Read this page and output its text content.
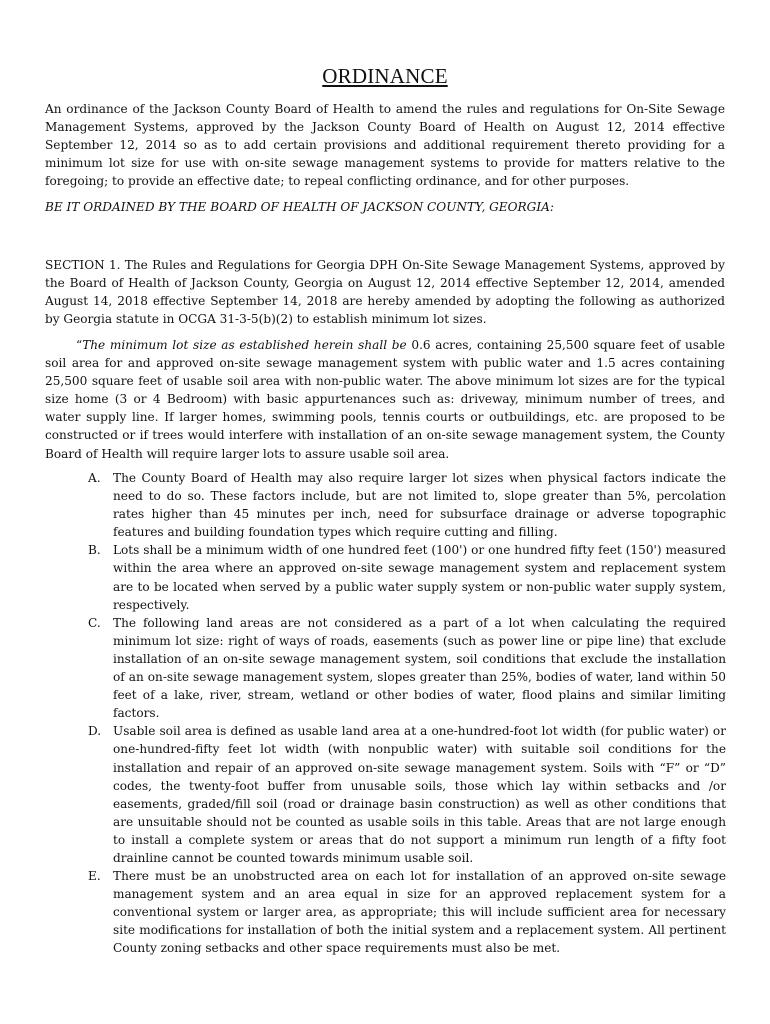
ORDINANCE

An ordinance of the Jackson County Board of Health to amend the rules and regulations for On-Site Sewage Management Systems, approved by the Jackson County Board of Health on August 12, 2014 effective September 12, 2014 so as to add certain provisions and additional requirement thereto providing for a minimum lot size for use with on-site sewage management systems to provide for matters relative to the foregoing; to provide an effective date; to repeal conflicting ordinance, and for other purposes.

BE IT ORDAINED BY THE BOARD OF HEALTH OF JACKSON COUNTY, GEORGIA:

SECTION 1. The Rules and Regulations for Georgia DPH On-Site Sewage Management Systems, approved by the Board of Health of Jackson County, Georgia on August 12, 2014 effective September 12, 2014, amended August 14, 2018 effective September 14, 2018 are hereby amended by adopting the following as authorized by Georgia statute in OCGA 31-3-5(b)(2) to establish minimum lot sizes.

“The minimum lot size as established herein shall be 0.6 acres, containing 25,500 square feet of usable soil area for and approved on-site sewage management system with public water and 1.5 acres containing 25,500 square feet of usable soil area with non-public water. The above minimum lot sizes are for the typical size home (3 or 4 Bedroom) with basic appurtenances such as: driveway, minimum number of trees, and water supply line. If larger homes, swimming pools, tennis courts or outbuildings, etc. are proposed to be constructed or if trees would interfere with installation of an on-site sewage management system, the County Board of Health will require larger lots to assure usable soil area.

A.	The County Board of Health may also require larger lot sizes when physical factors indicate the need to do so. These factors include, but are not limited to, slope greater than 5%, percolation rates higher than 45 minutes per inch, need for subsurface drainage or adverse topographic features and building foundation types which require cutting and filling.
B.	Lots shall be a minimum width of one hundred feet (100') or one hundred fifty feet (150') measured within the area where an approved on-site sewage management system and replacement system are to be located when served by a public water supply system or non-public water supply system, respectively.
C.	The following land areas are not considered as a part of a lot when calculating the required minimum lot size: right of ways of roads, easements (such as power line or pipe line) that exclude installation of an on-site sewage management system, soil conditions that exclude the installation of an on-site sewage management system, slopes greater than 25%, bodies of water, land within 50 feet of a lake, river, stream, wetland or other bodies of water, flood plains and similar limiting factors.
D. Usable soil area is defined as usable land area at a one-hundred-foot lot width (for public water) or one-hundred-fifty feet lot width (with nonpublic water) with suitable soil conditions for the installation and repair of an approved on-site sewage management system. Soils with “F” or “D” codes, the twenty-foot buffer from unusable soils, those which lay within setbacks and /or easements, graded/fill soil (road or drainage basin construction) as well as other conditions that are unsuitable should not be counted as usable soils in this table. Areas that are not large enough to install a complete system or areas that do not support a minimum run length of a fifty foot drainline cannot be counted towards minimum usable soil.
E.	There must be an unobstructed area on each lot for installation of an approved on-site sewage management system and an area equal in size for an approved replacement system for a conventional system or larger area, as appropriate; this will include sufficient area for necessary site modifications for installation of both the initial system and a replacement system. All pertinent County zoning setbacks and other space requirements must also be met.
